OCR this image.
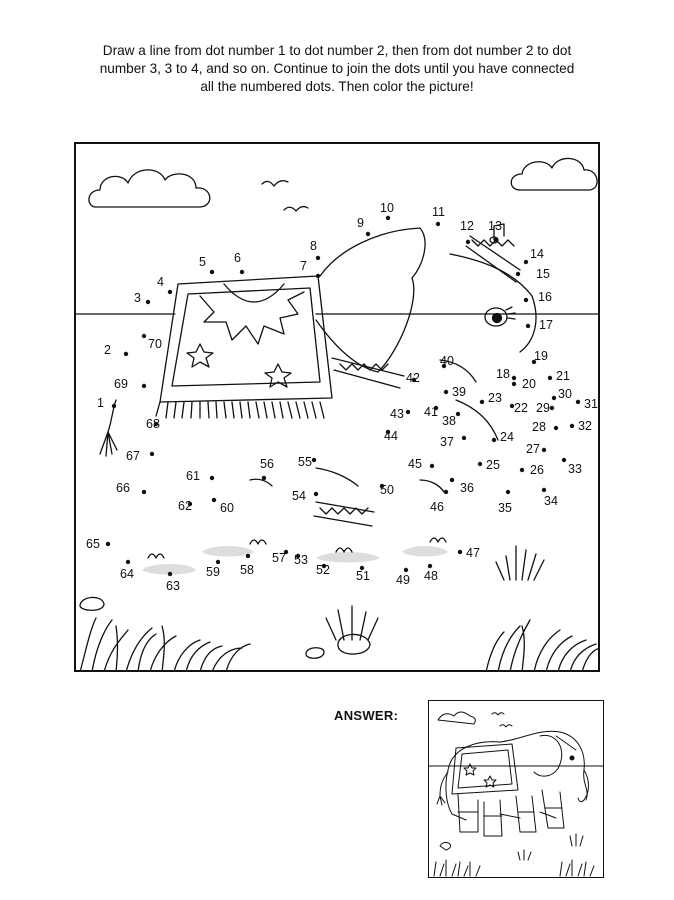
Draw a line from dot number 1 to dot number 2, then from dot number 2 to dot

number 3, 3 to 4, and so on. Continue to join the dots until you have connected

all the numbered dots. Then color the picture!

1
2
3
4
5 6
7
8
9
10	11
12 13
14
15
16
17
18
19
20
21
22
23
24
25 26
27
28
29
30
31
32
33
34
35
36
37
38
39
40
41
42
43
44
45
46
47
48
49
50
51
52
53
54
55
56
57
58
59
60
61
62
63
64
65
66
67
68
69
70
ANSWER:
